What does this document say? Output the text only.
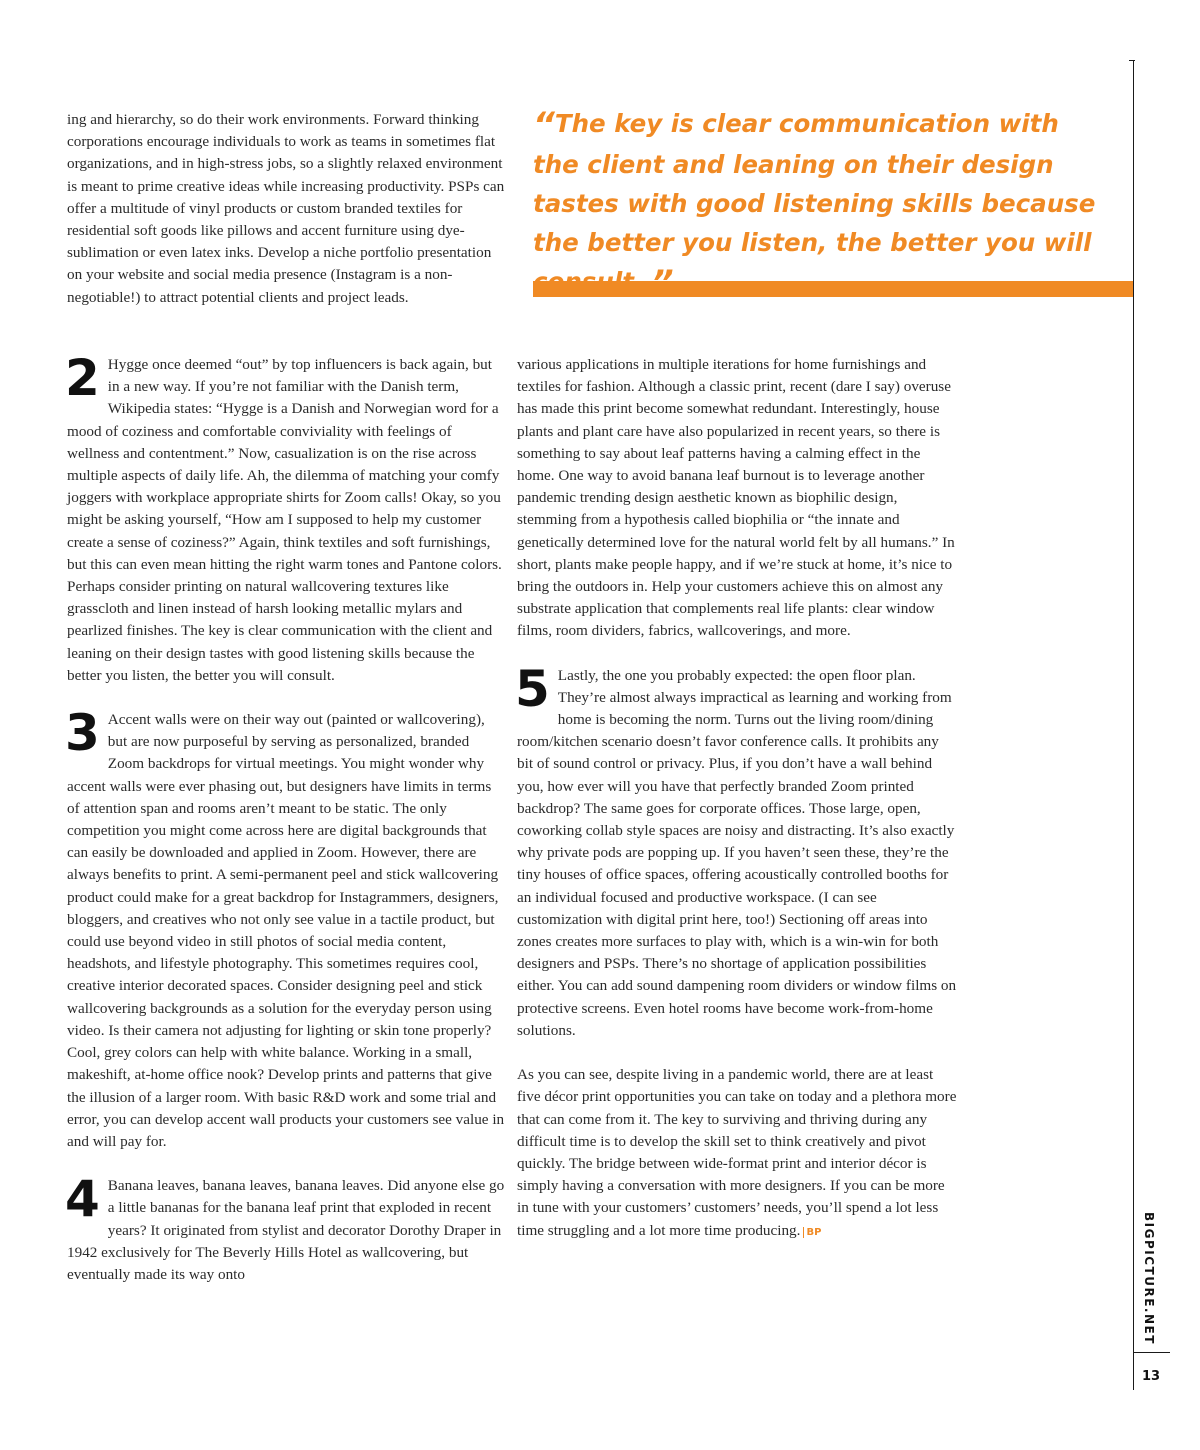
ing and hierarchy, so do their work environments. Forward thinking corporations encourage individuals to work as teams in sometimes flat organizations, and in high-stress jobs, so a slightly relaxed environment is meant to prime creative ideas while increasing productivity. PSPs can offer a multitude of vinyl products or custom branded textiles for residential soft goods like pillows and accent furniture using dye-sublimation or even latex inks. Develop a niche portfolio presentation on your website and social media presence (Instagram is a non-negotiable!) to attract potential clients and project leads.

“The key is clear communication with the client and leaning on their design tastes with good listening skills because the better you listen, the better you will

2 Hygge once deemed “out” by top influencers is back again, but in a new way. If you’re not familiar with the Danish term, Wikipedia states: “Hygge is a Danish and Norwegian word for a mood of coziness and comfortable conviviality with feelings of wellness and contentment.” Now, casualization is on the rise across multiple aspects of daily life. Ah, the dilemma of matching your comfy joggers with workplace appropriate shirts for Zoom calls! Okay, so you might be asking yourself, “How am I supposed to help my customer create a sense of coziness?” Again, think textiles and soft furnishings, but this can even mean hitting the right warm tones and Pantone colors. Perhaps consider printing on natural wallcovering textures like grasscloth and linen instead of harsh looking metallic mylars and pearlized finishes. The key is clear communication with the client and leaning on their design tastes with good listening skills because the better you listen, the better you will consult.

3 Accent walls were on their way out (painted or wallcovering), but are now purposeful by serving as personalized, branded Zoom backdrops for virtual meetings. You might wonder why accent walls were ever phasing out, but designers have limits in terms of attention span and rooms aren’t meant to be static. The only competition you might come across here are digital backgrounds that can easily be downloaded and applied in Zoom. However, there are always benefits to print. A semi-permanent peel and stick wallcovering product could make for a great backdrop for Instagrammers, designers, bloggers, and creatives who not only see value in a tactile product, but could use beyond video in still photos of social media content, headshots, and lifestyle photography. This sometimes requires cool, creative interior decorated spaces. Consider designing peel and stick wallcovering backgrounds as a solution for the everyday person using video. Is their camera not adjusting for lighting or skin tone properly? Cool, grey colors can help with white balance. Working in a small, makeshift, at-home office nook? Develop prints and patterns that give the illusion of a larger room. With basic R&D work and some trial and error, you can develop accent wall products your customers see value in and will pay for.

4 Banana leaves, banana leaves, banana leaves. Did anyone else go a little bananas for the banana leaf print that exploded in recent years? It originated from stylist and decorator Dorothy Draper in 1942 exclusively for The Beverly Hills Hotel as wallcovering, but eventually made its way onto

various applications in multiple iterations for home furnishings and textiles for fashion. Although a classic print, recent (dare I say) overuse has made this print become somewhat redundant. Interestingly, house plants and plant care have also popularized in recent years, so there is something to say about leaf patterns having a calming effect in the home. One way to avoid banana leaf burnout is to leverage another pandemic trending design aesthetic known as biophilic design, stemming from a hypothesis called biophilia or “the innate and genetically determined love for the natural world felt by all humans.” In short, plants make people happy, and if we’re stuck at home, it’s nice to bring the outdoors in. Help your customers achieve this on almost any substrate application that complements real life plants: clear window films, room dividers, fabrics, wallcoverings, and more.

5 Lastly, the one you probably expected: the open floor plan. They’re almost always impractical as learning and working from home is becoming the norm. Turns out the living room/dining room/kitchen scenario doesn’t favor conference calls. It prohibits any bit of sound control or privacy. Plus, if you don’t have a wall behind you, how ever will you have that perfectly branded Zoom printed backdrop? The same goes for corporate offices. Those large, open, coworking collab style spaces are noisy and distracting. It’s also exactly why private pods are popping up. If you haven’t seen these, they’re the tiny houses of office spaces, offering acoustically controlled booths for an individual focused and productive workspace. (I can see customization with digital print here, too!) Sectioning off areas into zones creates more surfaces to play with, which is a win-win for both designers and PSPs. There’s no shortage of application possibilities either. You can add sound dampening room dividers or window films on protective screens. Even hotel rooms have become work-from-home solutions.

As you can see, despite living in a pandemic world, there are at least five décor print opportunities you can take on today and a plethora more that can come from it. The key to surviving and thriving during any difficult time is to develop the skill set to think creatively and pivot quickly. The bridge between wide-format print and interior décor is simply having a conversation with more designers. If you can be more in tune with your customers’ customers’ needs, you’ll spend a lot less time struggling and a lot more time producing. BP	BIGPICTURE.NET
13
